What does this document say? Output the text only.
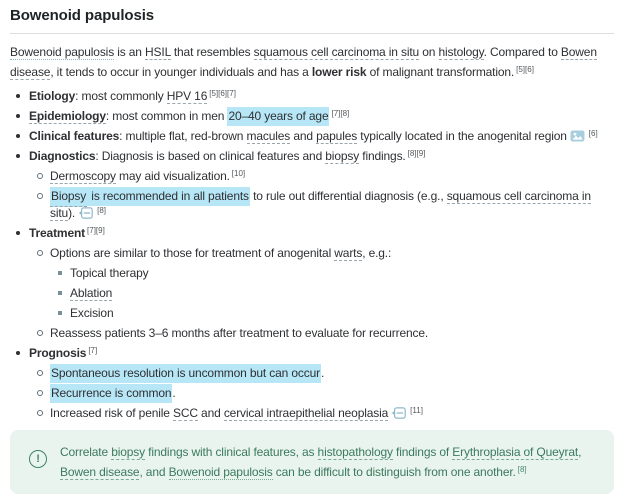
Bowenoid papulosis

Bowenoid papulosis is an HSIL that resembles squamous cell carcinoma in situ on histology. Compared to Bowen disease, it tends to occur in younger individuals and has a lower risk of malignant transformation. [5][6]

Etiology: most commonly HPV 16 [5][6][7]
Epidemiology: most common in men 20–40 years of age [7][8]
Clinical features: multiple flat, red-brown macules and papules typically located in the anogenital region	[6]
Diagnostics: Diagnosis is based on clinical features and biopsy findings. [8][9]
Dermoscopy may aid visualization. [10]
Biopsy is recommended in all patients to rule out differential diagnosis (e.g., squamous cell carcinoma in situ).	[8]
Treatment [7][9]
Options are similar to those for treatment of anogenital warts, e.g.:
Topical therapy
Ablation
Excision
Reassess patients 3–6 months after treatment to evaluate for recurrence.
Prognosis [7]
Spontaneous resolution is uncommon but can occur.
Recurrence is common.
Increased risk of penile SCC and cervical intraepithelial neoplasia	[11]
!	Correlate biopsy findings with clinical features, as histopathology findings of Erythroplasia of Queyrat, Bowen disease, and Bowenoid papulosis can be difficult to distinguish from one another. [8]
